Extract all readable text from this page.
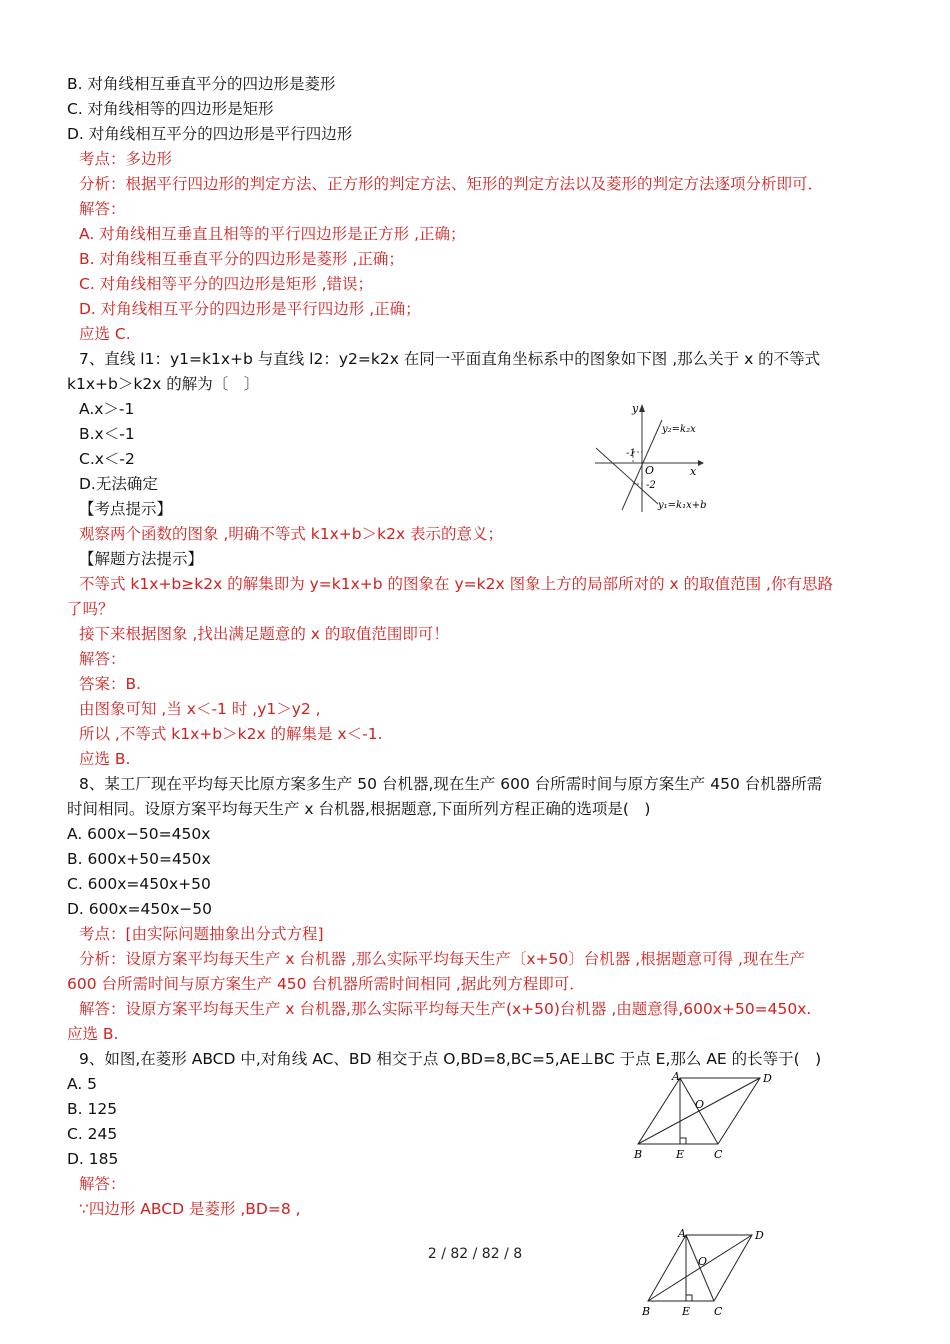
B. 对角线相互垂直平分的四边形是菱形
C. 对角线相等的四边形是矩形
D. 对角线相互平分的四边形是平行四边形
考点：多边形
分析：根据平行四边形的判定方法、正方形的判定方法、矩形的判定方法以及菱形的判定方法逐项分析即可．
解答：
A. 对角线相互垂直且相等的平行四边形是正方形 ,正确；
B. 对角线相互垂直平分的四边形是菱形 ,正确；
C. 对角线相等平分的四边形是矩形 ,错误；
D. 对角线相互平分的四边形是平行四边形 ,正确；
应选 C.
7、直线 l1：y1=k1x+b 与直线 l2：y2=k2x 在同一平面直角坐标系中的图象如下图 ,那么关于 x 的不等式
k1x+b＞k2x 的解为〔　〕
A.x＞-1
B.x＜-1
C.x＜-2
D.无法确定
【考点提示】
观察两个函数的图象 ,明确不等式 k1x+b＞k2x 表示的意义；
【解题方法提示】
不等式 k1x+b≥k2x 的解集即为 y=k1x+b 的图象在 y=k2x 图象上方的局部所对的 x 的取值范围 ,你有思路
了吗？
接下来根据图象 ,找出满足题意的 x 的取值范围即可！
解答：
答案：B.
由图象可知 ,当 x＜-1 时 ,y1＞y2 ,
所以 ,不等式 k1x+b＞k2x 的解集是 x＜-1.
应选 B.
8、某工厂现在平均每天比原方案多生产 50 台机器,现在生产 600 台所需时间与原方案生产 450 台机器所需
时间相同。设原方案平均每天生产 x 台机器,根据题意,下面所列方程正确的选项是(　)
A. 600x−50=450x
B. 600x+50=450x
C. 600x=450x+50
D. 600x=450x−50
考点：[由实际问题抽象出分式方程]
分析：设原方案平均每天生产 x 台机器 ,那么实际平均每天生产〔x+50〕台机器 ,根据题意可得 ,现在生产
600 台所需时间与原方案生产 450 台机器所需时间相同 ,据此列方程即可．
解答：设原方案平均每天生产 x 台机器,那么实际平均每天生产(x+50)台机器 ,由题意得,600x+50=450x.
应选 B.
9、如图,在菱形 ABCD 中,对角线 AC、BD 相交于点 O,BD=8,BC=5,AE⊥BC 于点 E,那么 AE 的长等于(　)
A. 5
B. 125
C. 245
D. 185
解答：
∵四边形 ABCD 是菱形 ,BD=8 ,
y
x
O
-1
-2
y₂=k₂x
y₁=k₁x+b
A	D
O
B	E	C
A	D
O
B	E C
2 / 82 / 82 / 8
